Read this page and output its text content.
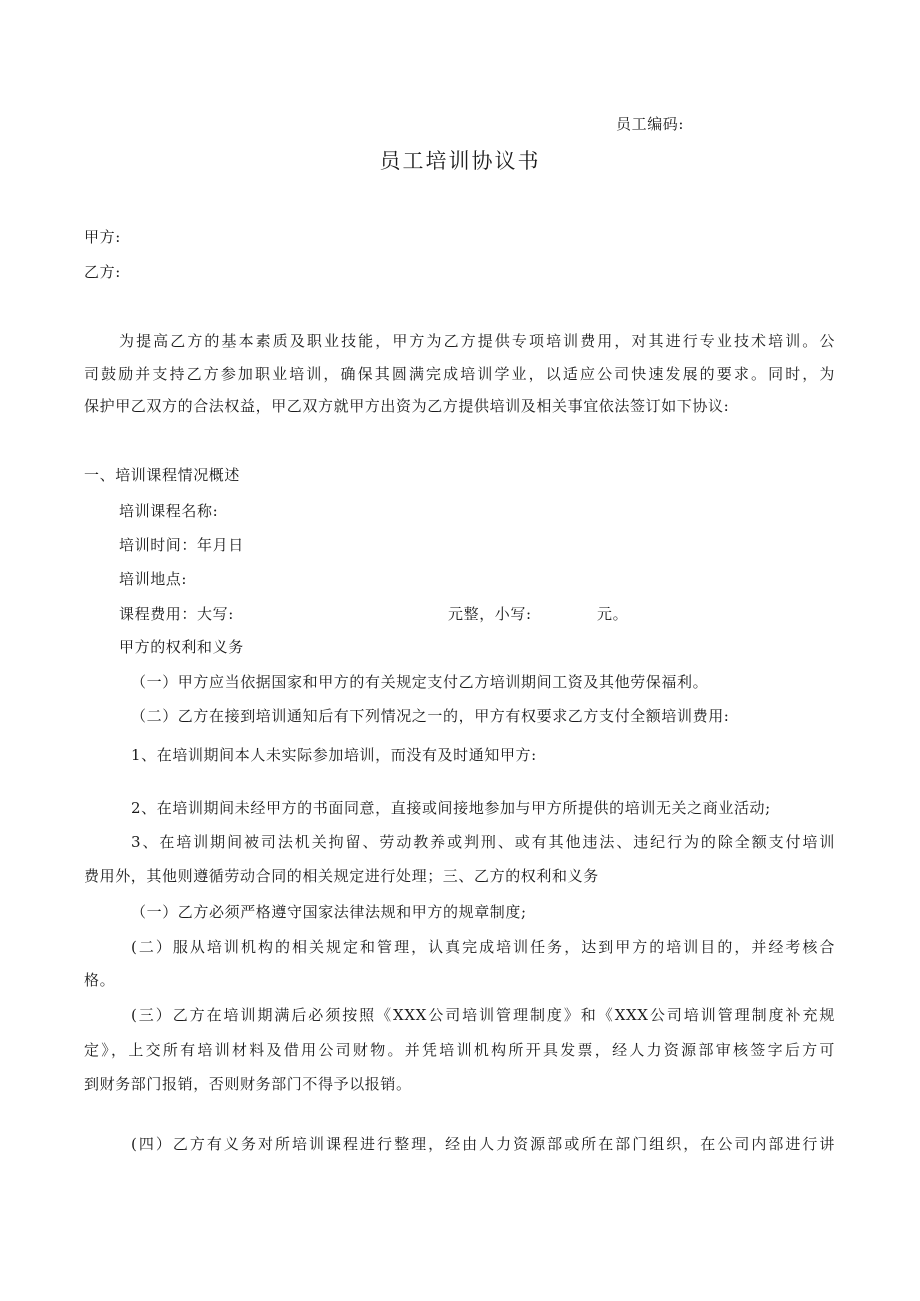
员工编码:
员工培训协议书
甲方:
乙方:
为提高乙方的基本素质及职业技能，甲方为乙方提供专项培训费用，对其进行专业技术培训。公
司鼓励并支持乙方参加职业培训，确保其圆满完成培训学业，以适应公司快速发展的要求。同时，为
保护甲乙双方的合法权益，甲乙双方就甲方出资为乙方提供培训及相关事宜依法签订如下协议:
一、培训课程情况概述
培训课程名称:
培训时间：年月日
培训地点:
课程费用：大写:	元整，小写:	元。
甲方的权利和义务
（一）甲方应当依据国家和甲方的有关规定支付乙方培训期间工资及其他劳保福利。
（二）乙方在接到培训通知后有下列情况之一的，甲方有权要求乙方支付全额培训费用:
1、在培训期间本人未实际参加培训，而没有及时通知甲方:
2、在培训期间未经甲方的书面同意，直接或间接地参加与甲方所提供的培训无关之商业活动;
3、在培训期间被司法机关拘留、劳动教养或判刑、或有其他违法、违纪行为的除全额支付培训
费用外，其他则遵循劳动合同的相关规定进行处理；三、乙方的权利和义务
（一）乙方必须严格遵守国家法律法规和甲方的规章制度;
(二）服从培训机构的相关规定和管理，认真完成培训任务，达到甲方的培训目的，并经考核合
格。
(三）乙方在培训期满后必须按照《XXX公司培训管理制度》和《XXX公司培训管理制度补充规
定》，上交所有培训材料及借用公司财物。并凭培训机构所开具发票，经人力资源部审核签字后方可
到财务部门报销，否则财务部门不得予以报销。
(四）乙方有义务对所培训课程进行整理，经由人力资源部或所在部门组织，在公司内部进行讲
